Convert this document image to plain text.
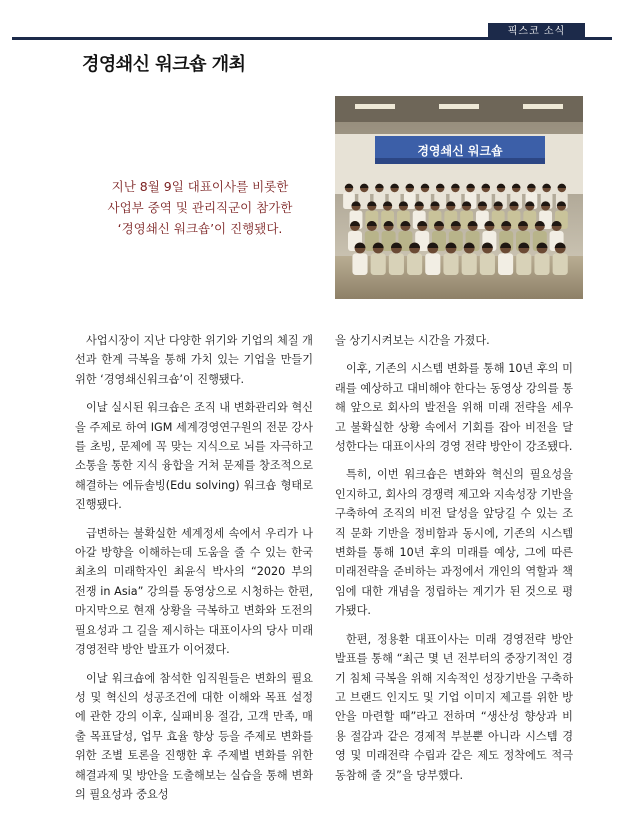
픽스코 소식
경영쇄신 워크숍 개최
지난 8월 9일 대표이사를 비롯한
사업부 중역 및 관리직군이 참가한
‘경영쇄신 워크숍’이 진행됐다.
경영쇄신 워크숍

사업시장이 지난 다양한 위기와 기업의 체질 개선과 한계 극복을 통해 가치 있는 기업을 만들기 위한 ‘경영쇄신워크숍’이 진행됐다.

이날 실시된 워크숍은 조직 내 변화관리와 혁신을 주제로 하여 IGM 세계경영연구원의 전문 강사를 초빙, 문제에 꼭 맞는 지식으로 뇌를 자극하고 소통을 통한 지식 융합을 거쳐 문제를 창조적으로 해결하는 에듀솔빙(Edu solving) 워크숍 형태로 진행됐다.

급변하는 불확실한 세계정세 속에서 우리가 나아갈 방향을 이해하는데 도움을 줄 수 있는 한국 최초의 미래학자인 최윤식 박사의 “2020 부의 전쟁 in Asia” 강의를 동영상으로 시청하는 한편, 마지막으로 현재 상황을 극복하고 변화와 도전의 필요성과 그 길을 제시하는 대표이사의 당사 미래 경영전략 방안 발표가 이어졌다.

이날 워크숍에 참석한 임직원들은 변화의 필요성 및 혁신의 성공조건에 대한 이해와 목표 설정에 관한 강의 이후, 실패비용 절감, 고객 만족, 매출 목표달성, 업무 효율 향상 등을 주제로 변화를 위한 조별 토론을 진행한 후 주제별 변화를 위한 해결과제 및 방안을 도출해보는 실습을 통해 변화의 필요성과 중요성

을 상기시켜보는 시간을 가졌다.

이후, 기존의 시스템 변화를 통해 10년 후의 미래를 예상하고 대비해야 한다는 동영상 강의를 통해 앞으로 회사의 발전을 위해 미래 전략을 세우고 불확실한 상황 속에서 기회를 잡아 비전을 달성한다는 대표이사의 경영 전략 방안이 강조됐다.

특히, 이번 워크숍은 변화와 혁신의 필요성을 인지하고, 회사의 경쟁력 제고와 지속성장 기반을 구축하여 조직의 비전 달성을 앞당길 수 있는 조직 문화 기반을 정비함과 동시에, 기존의 시스템 변화를 통해 10년 후의 미래를 예상, 그에 따른 미래전략을 준비하는 과정에서 개인의 역할과 책임에 대한 개념을 정립하는 계기가 된 것으로 평가됐다.

한편, 정용환 대표이사는 미래 경영전략 방안 발표를 통해 “최근 몇 년 전부터의 중장기적인 경기 침체 극복을 위해 지속적인 성장기반을 구축하고 브랜드 인지도 및 기업 이미지 제고를 위한 방안을 마련할 때”라고 전하며 “생산성 향상과 비용 절감과 같은 경제적 부분뿐 아니라 시스템 경영 및 미래전략 수립과 같은 제도 정착에도 적극 동참해 줄 것”을 당부했다.
